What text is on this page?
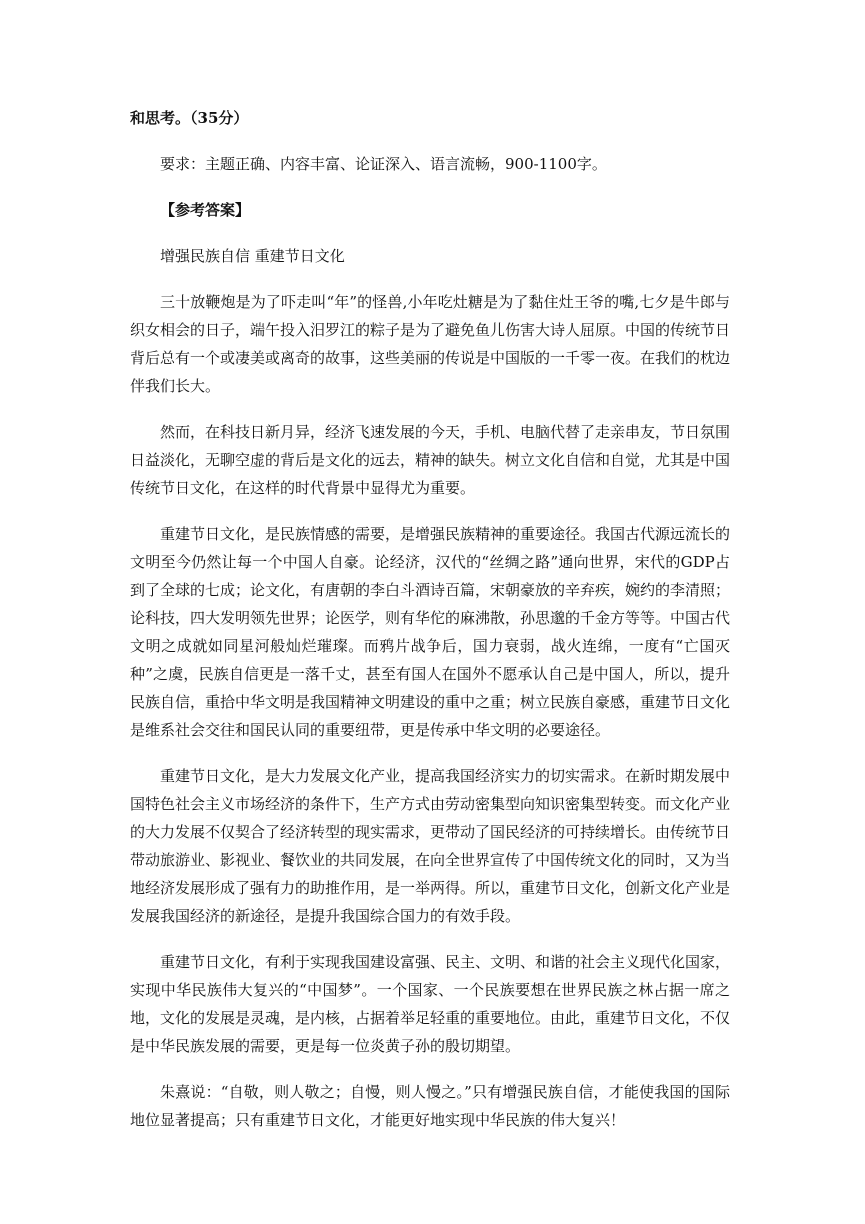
和思考。（35分）

要求：主题正确、内容丰富、论证深入、语言流畅，900-1100字。

【参考答案】

增强民族自信 重建节日文化

三十放鞭炮是为了吓走叫“年”的怪兽,小年吃灶糖是为了黏住灶王爷的嘴,七夕是牛郎与织女相会的日子，端午投入汨罗江的粽子是为了避免鱼儿伤害大诗人屈原。中国的传统节日背后总有一个或凄美或离奇的故事，这些美丽的传说是中国版的一千零一夜。在我们的枕边伴我们长大。

然而，在科技日新月异，经济飞速发展的今天，手机、电脑代替了走亲串友，节日氛围日益淡化，无聊空虚的背后是文化的远去，精神的缺失。树立文化自信和自觉，尤其是中国传统节日文化，在这样的时代背景中显得尤为重要。

重建节日文化，是民族情感的需要，是增强民族精神的重要途径。我国古代源远流长的文明至今仍然让每一个中国人自豪。论经济，汉代的“丝绸之路”通向世界，宋代的GDP占到了全球的七成；论文化，有唐朝的李白斗酒诗百篇，宋朝豪放的辛弃疾，婉约的李清照；论科技，四大发明领先世界；论医学，则有华佗的麻沸散，孙思邈的千金方等等。中国古代文明之成就如同星河般灿烂璀璨。而鸦片战争后，国力衰弱，战火连绵，一度有“亡国灭种”之虞，民族自信更是一落千丈，甚至有国人在国外不愿承认自己是中国人，所以，提升民族自信，重拾中华文明是我国精神文明建设的重中之重；树立民族自豪感，重建节日文化是维系社会交往和国民认同的重要纽带，更是传承中华文明的必要途径。

重建节日文化，是大力发展文化产业，提高我国经济实力的切实需求。在新时期发展中国特色社会主义市场经济的条件下，生产方式由劳动密集型向知识密集型转变。而文化产业的大力发展不仅契合了经济转型的现实需求，更带动了国民经济的可持续增长。由传统节日带动旅游业、影视业、餐饮业的共同发展，在向全世界宣传了中国传统文化的同时，又为当地经济发展形成了强有力的助推作用，是一举两得。所以，重建节日文化，创新文化产业是发展我国经济的新途径，是提升我国综合国力的有效手段。

重建节日文化，有利于实现我国建设富强、民主、文明、和谐的社会主义现代化国家，实现中华民族伟大复兴的“中国梦”。一个国家、一个民族要想在世界民族之林占据一席之地，文化的发展是灵魂，是内核，占据着举足轻重的重要地位。由此，重建节日文化，不仅是中华民族发展的需要，更是每一位炎黄子孙的殷切期望。

朱熹说：“自敬，则人敬之；自慢，则人慢之。”只有增强民族自信，才能使我国的国际地位显著提高；只有重建节日文化，才能更好地实现中华民族的伟大复兴！
